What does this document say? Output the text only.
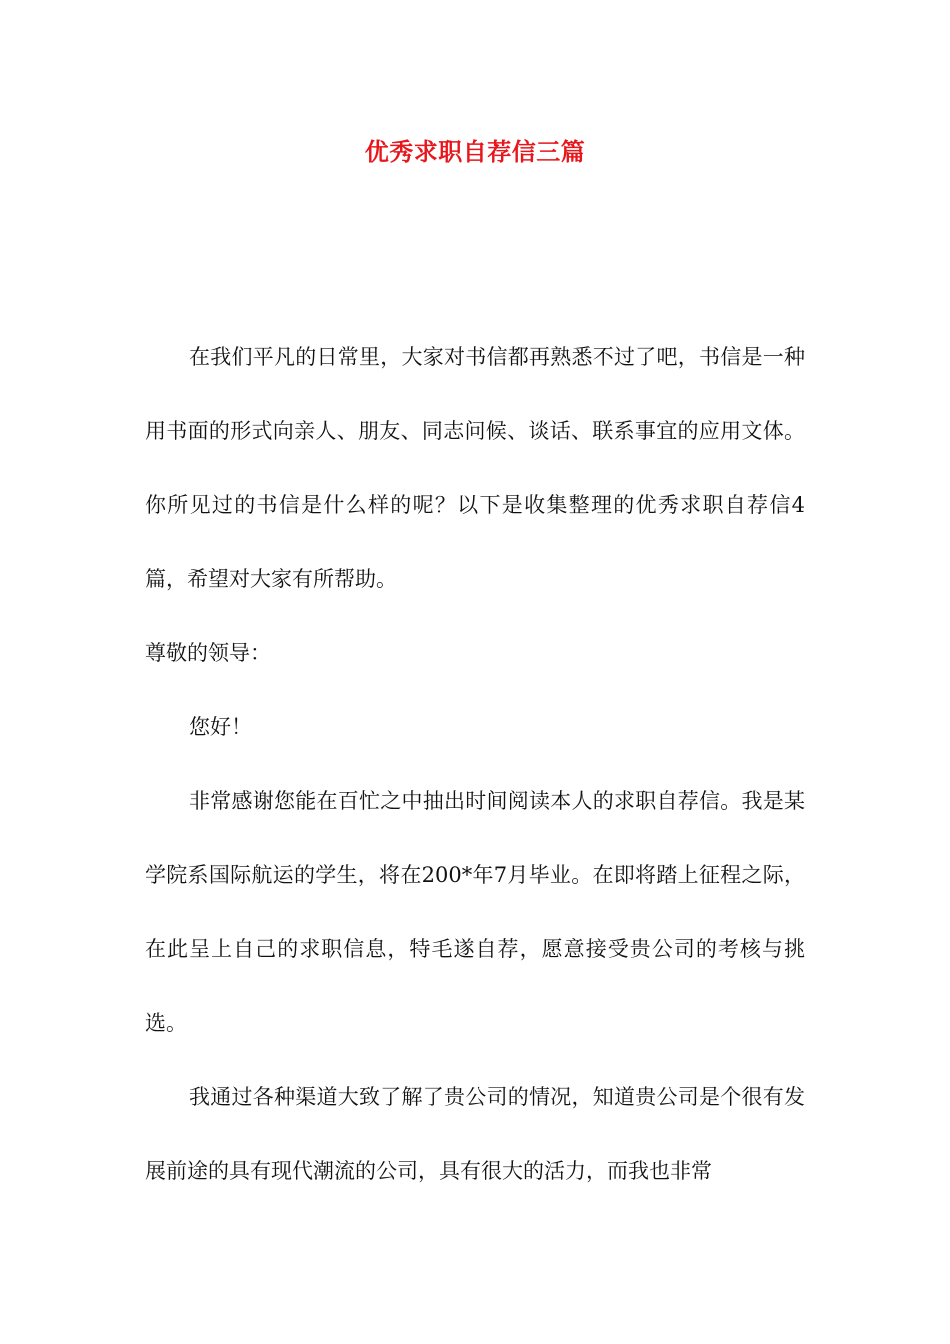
优秀求职自荐信三篇

在我们平凡的日常里，大家对书信都再熟悉不过了吧，书信是一种用书面的形式向亲人、朋友、同志问候、谈话、联系事宜的应用文体。你所见过的书信是什么样的呢？以下是收集整理的优秀求职自荐信4篇，希望对大家有所帮助。

尊敬的领导：

您好！

非常感谢您能在百忙之中抽出时间阅读本人的求职自荐信。我是某学院系国际航运的学生，将在200*年7月毕业。在即将踏上征程之际，在此呈上自己的求职信息，特毛遂自荐，愿意接受贵公司的考核与挑选。

我通过各种渠道大致了解了贵公司的情况，知道贵公司是个很有发展前途的具有现代潮流的公司，具有很大的活力，而我也非常
